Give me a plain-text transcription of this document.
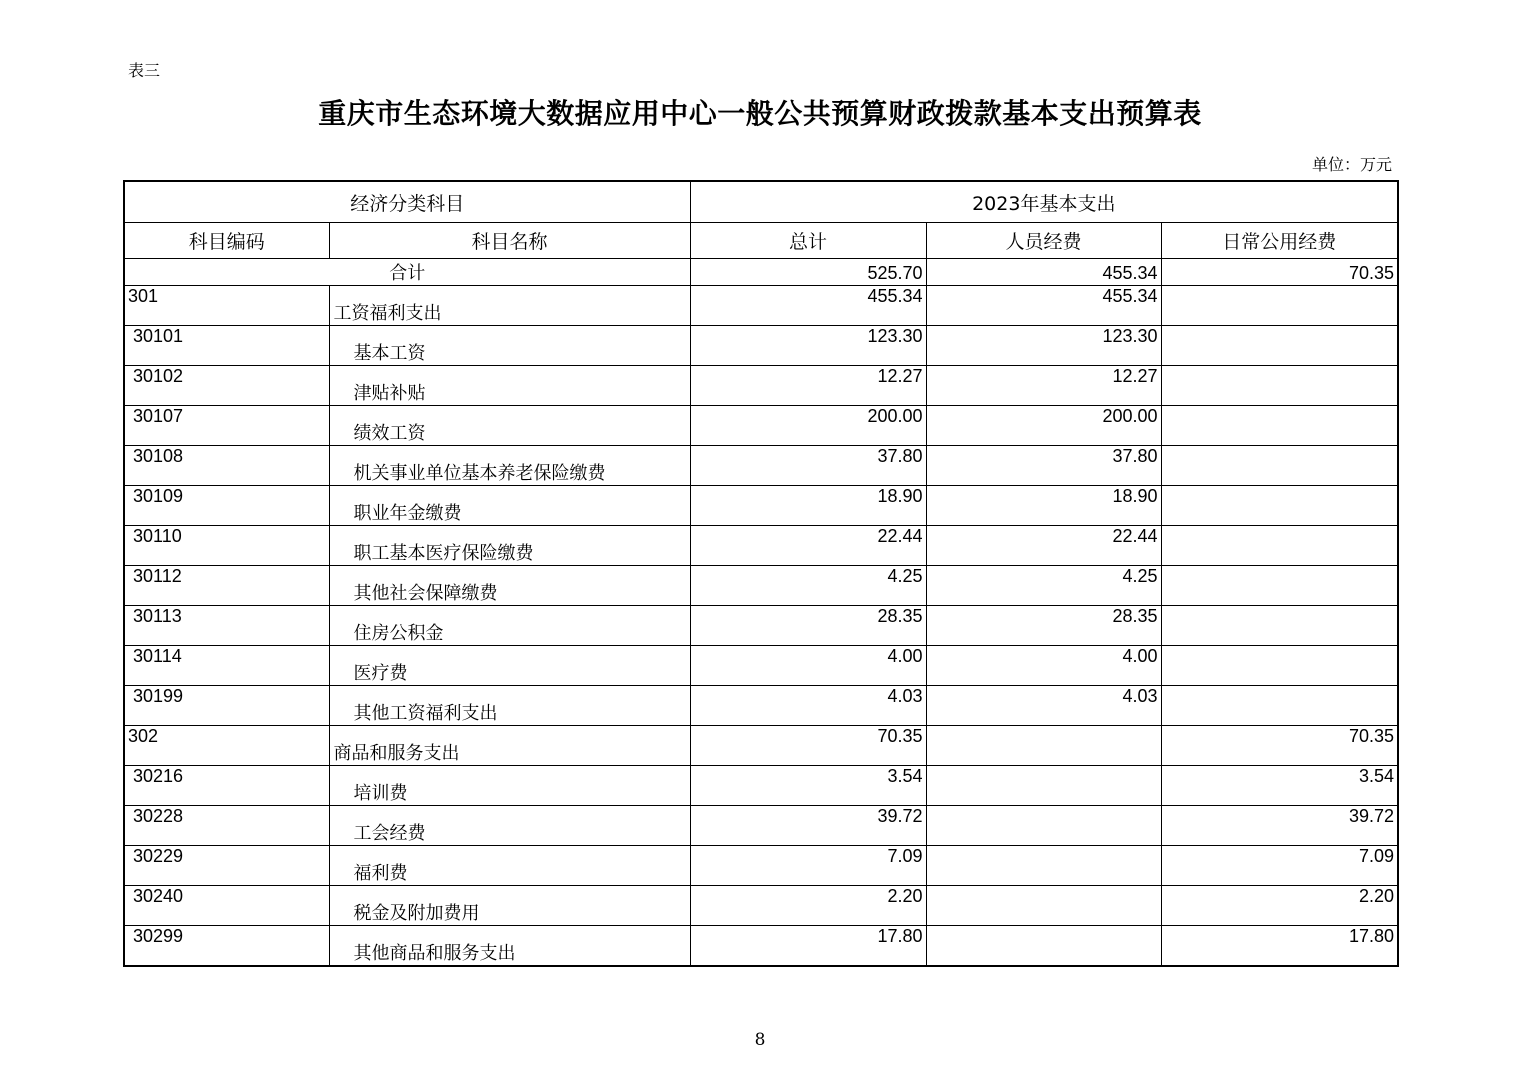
表三
重庆市生态环境大数据应用中心一般公共预算财政拨款基本支出预算表
单位：万元
经济分类科目		2023年基本支出		
科目编码	科目名称	总计	人员经费	日常公用经费
合计		525.70	455.34	70.35
301	工资福利支出	455.34	455.34	
30101	基本工资	123.30	123.30	
30102	津贴补贴	12.27	12.27	
30107	绩效工资	200.00	200.00	
30108	机关事业单位基本养老保险缴费	37.80	37.80	
30109	职业年金缴费	18.90	18.90	
30110	职工基本医疗保险缴费	22.44	22.44	
30112	其他社会保障缴费	4.25	4.25	
30113	住房公积金	28.35	28.35	
30114	医疗费	4.00	4.00	
30199	其他工资福利支出	4.03	4.03	
302	商品和服务支出	70.35		70.35
30216	培训费	3.54		3.54
30228	工会经费	39.72		39.72
30229	福利费	7.09		7.09
30240	税金及附加费用	2.20		2.20
30299	其他商品和服务支出	17.80		17.80
8
